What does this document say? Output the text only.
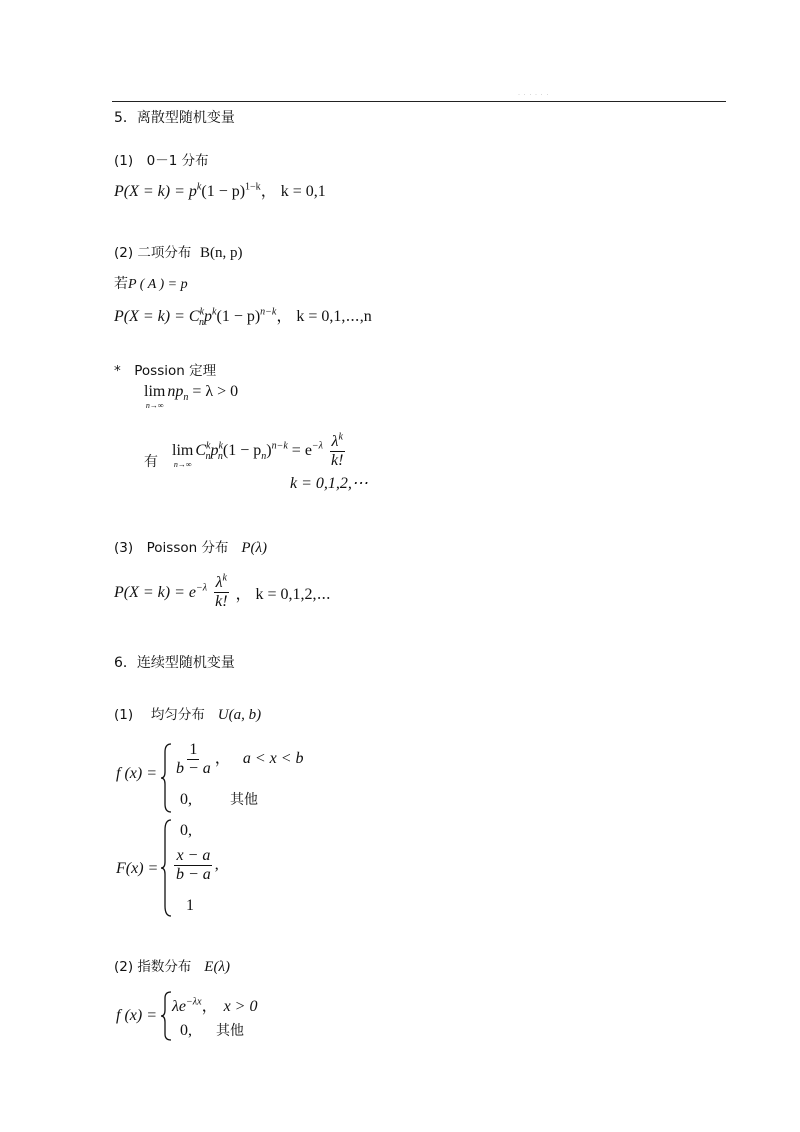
· · · · · ·
5．离散型随机变量
(1)　0－1 分布
$P(X = k) = p^k(1 - p)^{1-k}$， k = 0,1
(2) 二项分布 B(n, p)
若P ( A ) = p
$P(X = k) = C^k_np^k(1 - p)^{n-k}$， k = 0,1,⋯,n
*　Possion 定理
lim
n→∞
$np_n = \lambda > 0$
有
lim
n→∞
$C^k_np^k_n(1 - p_n)^{n-k} = e^{-\lambda} \frac{\lambda^k}{k!}$
k = 0,1,2,⋯
(3)　Poisson 分布 P(λ)
$P(X = k) = e^{-\lambda} \frac{\lambda^k}{k!}$ ， k = 0,1,2,⋯
6．连续型随机变量
(1)　 均匀分布 U(a, b)
f $(x) = \frac{1}{b - a}$ ， a < x < b
0,	其他
F(x) =
0,
$\frac{x - a}{b - a}$ ,
1
(2) 指数分布 E(λ)
f (x) =
$\lambda e^{-\lambda x}$， x > 0
0, 其他
